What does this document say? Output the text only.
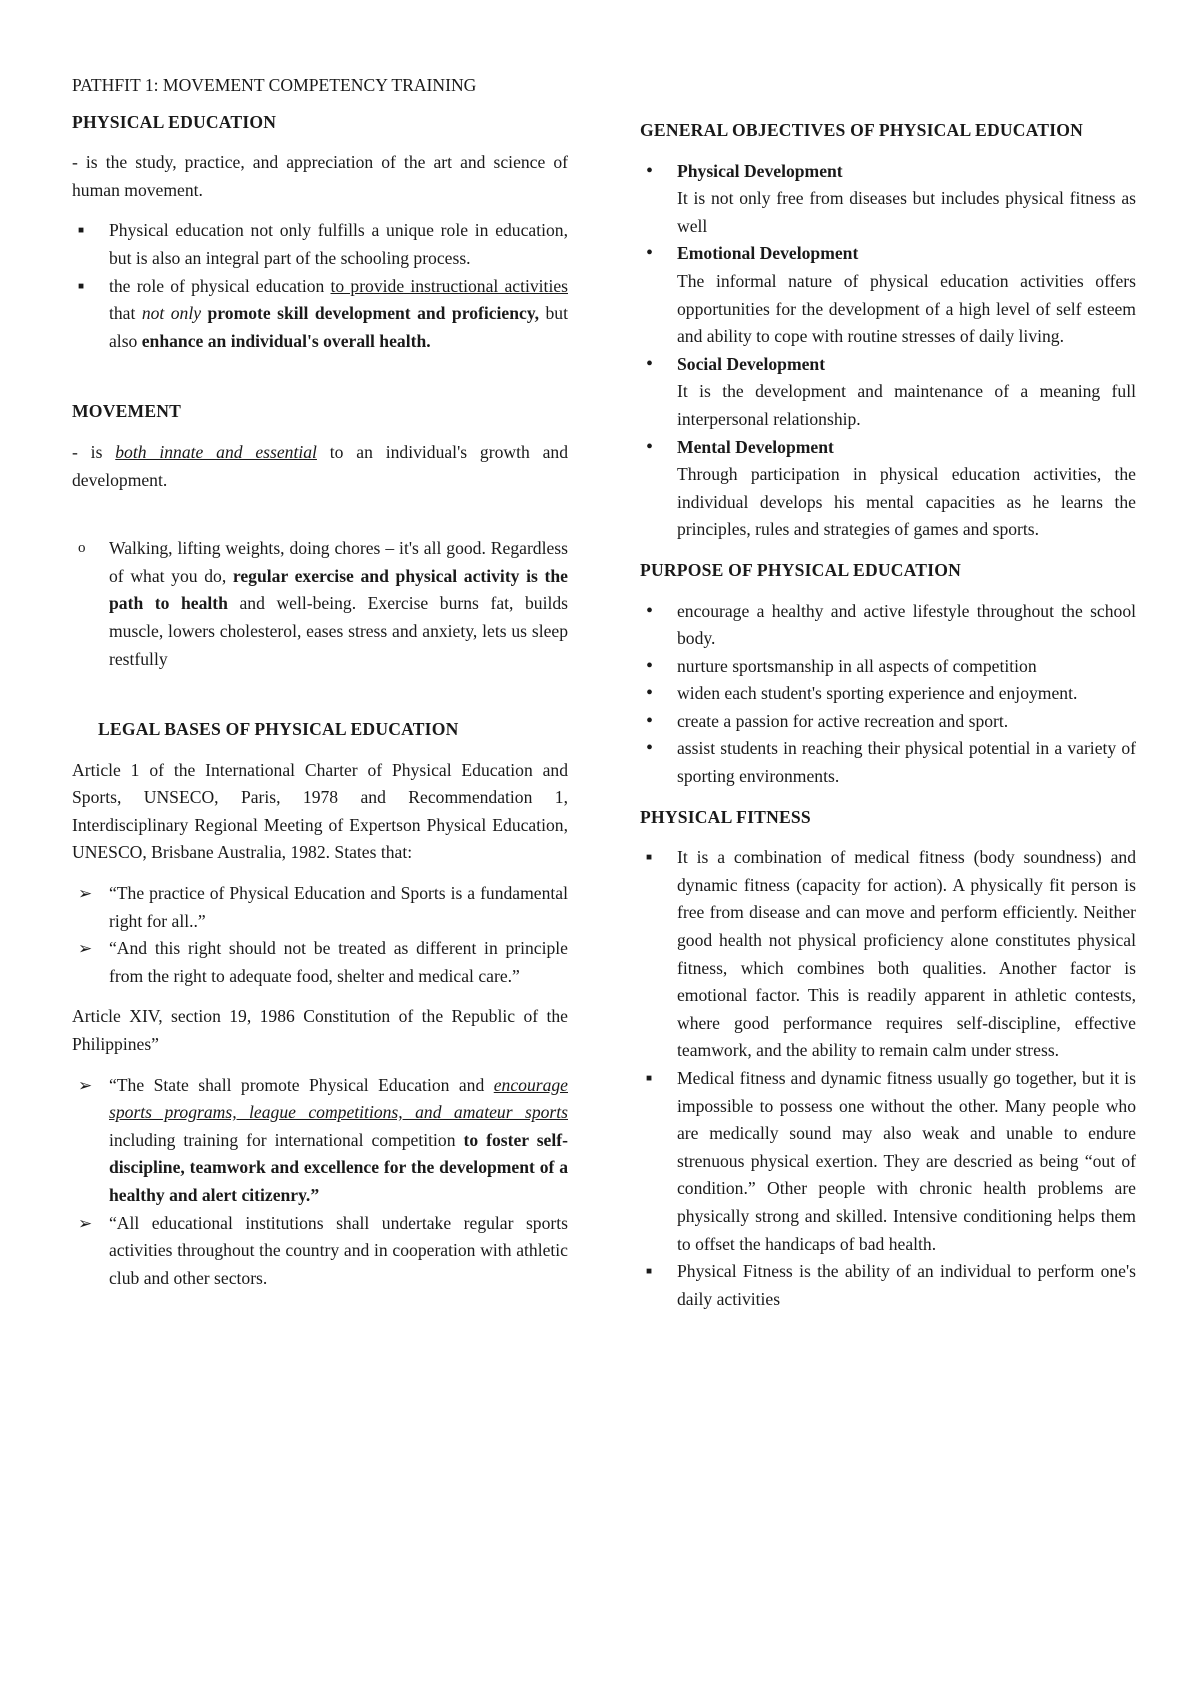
PATHFIT 1: MOVEMENT COMPETENCY TRAINING
PHYSICAL EDUCATION

- is the study, practice, and appreciation of the art and science of human movement.

■ Physical education not only fulfills a unique role in education, but is also an integral part of the schooling process.
■ the role of physical education to provide instructional activities that not only promote skill development and proficiency, but also enhance an individual's overall health.
MOVEMENT

- is both innate and essential to an individual's growth and development.

o Walking, lifting weights, doing chores – it's all good. Regardless of what you do, regular exercise and physical activity is the path to health and well-being. Exercise burns fat, builds muscle, lowers cholesterol, eases stress and anxiety, lets us sleep restfully
LEGAL BASES OF PHYSICAL EDUCATION

Article 1 of the International Charter of Physical Education and Sports, UNSECO, Paris, 1978 and Recommendation 1, Interdisciplinary Regional Meeting of Expertson Physical Education, UNESCO, Brisbane Australia, 1982. States that:

➢ “The practice of Physical Education and Sports is a fundamental right for all..”
➢ “And this right should not be treated as different in principle from the right to adequate food, shelter and medical care.”

Article XIV, section 19, 1986 Constitution of the Republic of the Philippines”

➢ “The State shall promote Physical Education and encourage sports programs, league competitions, and amateur sports including training for international competition to foster self-discipline, teamwork and excellence for the development of a healthy and alert citizenry.”
➢ “All educational institutions shall undertake regular sports activities throughout the country and in cooperation with athletic club and other sectors.
GENERAL OBJECTIVES OF PHYSICAL EDUCATION
• Physical Development
It is not only free from diseases but includes physical fitness as well
• Emotional Development
The informal nature of physical education activities offers opportunities for the development of a high level of self esteem and ability to cope with routine stresses of daily living.
• Social Development
It is the development and maintenance of a meaning full interpersonal relationship.
• Mental Development
Through participation in physical education activities, the individual develops his mental capacities as he learns the principles, rules and strategies of games and sports.
PURPOSE OF PHYSICAL EDUCATION
• encourage a healthy and active lifestyle throughout the school body.
• nurture sportsmanship in all aspects of competition
• widen each student's sporting experience and enjoyment.
• create a passion for active recreation and sport.
• assist students in reaching their physical potential in a variety of sporting environments.
PHYSICAL FITNESS
■ It is a combination of medical fitness (body soundness) and dynamic fitness (capacity for action). A physically fit person is free from disease and can move and perform efficiently. Neither good health not physical proficiency alone constitutes physical fitness, which combines both qualities. Another factor is emotional factor. This is readily apparent in athletic contests, where good performance requires self-discipline, effective teamwork, and the ability to remain calm under stress.
■ Medical fitness and dynamic fitness usually go together, but it is impossible to possess one without the other. Many people who are medically sound may also weak and unable to endure strenuous physical exertion. They are descried as being “out of condition.” Other people with chronic health problems are physically strong and skilled. Intensive conditioning helps them to offset the handicaps of bad health.
■ Physical Fitness is the ability of an individual to perform one's daily activities
